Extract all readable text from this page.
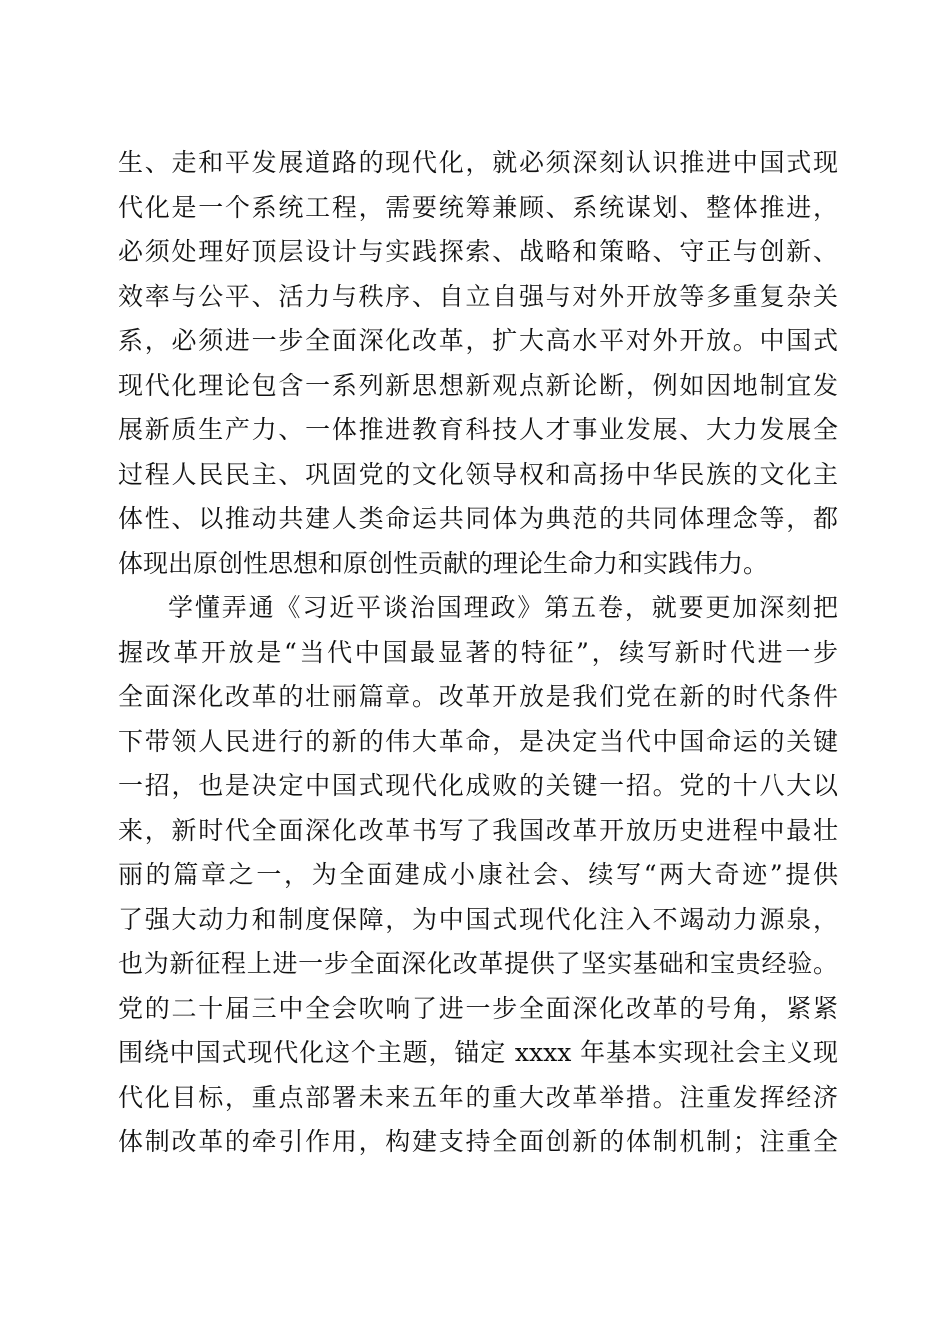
生、走和平发展道路的现代化，就必须深刻认识推进中国式现
代化是一个系统工程，需要统筹兼顾、系统谋划、整体推进，
必须处理好顶层设计与实践探索、战略和策略、守正与创新、
效率与公平、活力与秩序、自立自强与对外开放等多重复杂关
系，必须进一步全面深化改革，扩大高水平对外开放。中国式
现代化理论包含一系列新思想新观点新论断，例如因地制宜发
展新质生产力、一体推进教育科技人才事业发展、大力发展全
过程人民民主、巩固党的文化领导权和高扬中华民族的文化主
体性、以推动共建人类命运共同体为典范的共同体理念等，都
体现出原创性思想和原创性贡献的理论生命力和实践伟力。
学懂弄通《习近平谈治国理政》第五卷，就要更加深刻把
握改革开放是“当代中国最显著的特征”，续写新时代进一步
全面深化改革的壮丽篇章。改革开放是我们党在新的时代条件
下带领人民进行的新的伟大革命，是决定当代中国命运的关键
一招，也是决定中国式现代化成败的关键一招。党的十八大以
来，新时代全面深化改革书写了我国改革开放历史进程中最壮
丽的篇章之一，为全面建成小康社会、续写“两大奇迹”提供
了强大动力和制度保障，为中国式现代化注入不竭动力源泉，
也为新征程上进一步全面深化改革提供了坚实基础和宝贵经验。
党的二十届三中全会吹响了进一步全面深化改革的号角，紧紧
围绕中国式现代化这个主题，锚定 xxxx 年基本实现社会主义现
代化目标，重点部署未来五年的重大改革举措。注重发挥经济
体制改革的牵引作用，构建支持全面创新的体制机制；注重全
